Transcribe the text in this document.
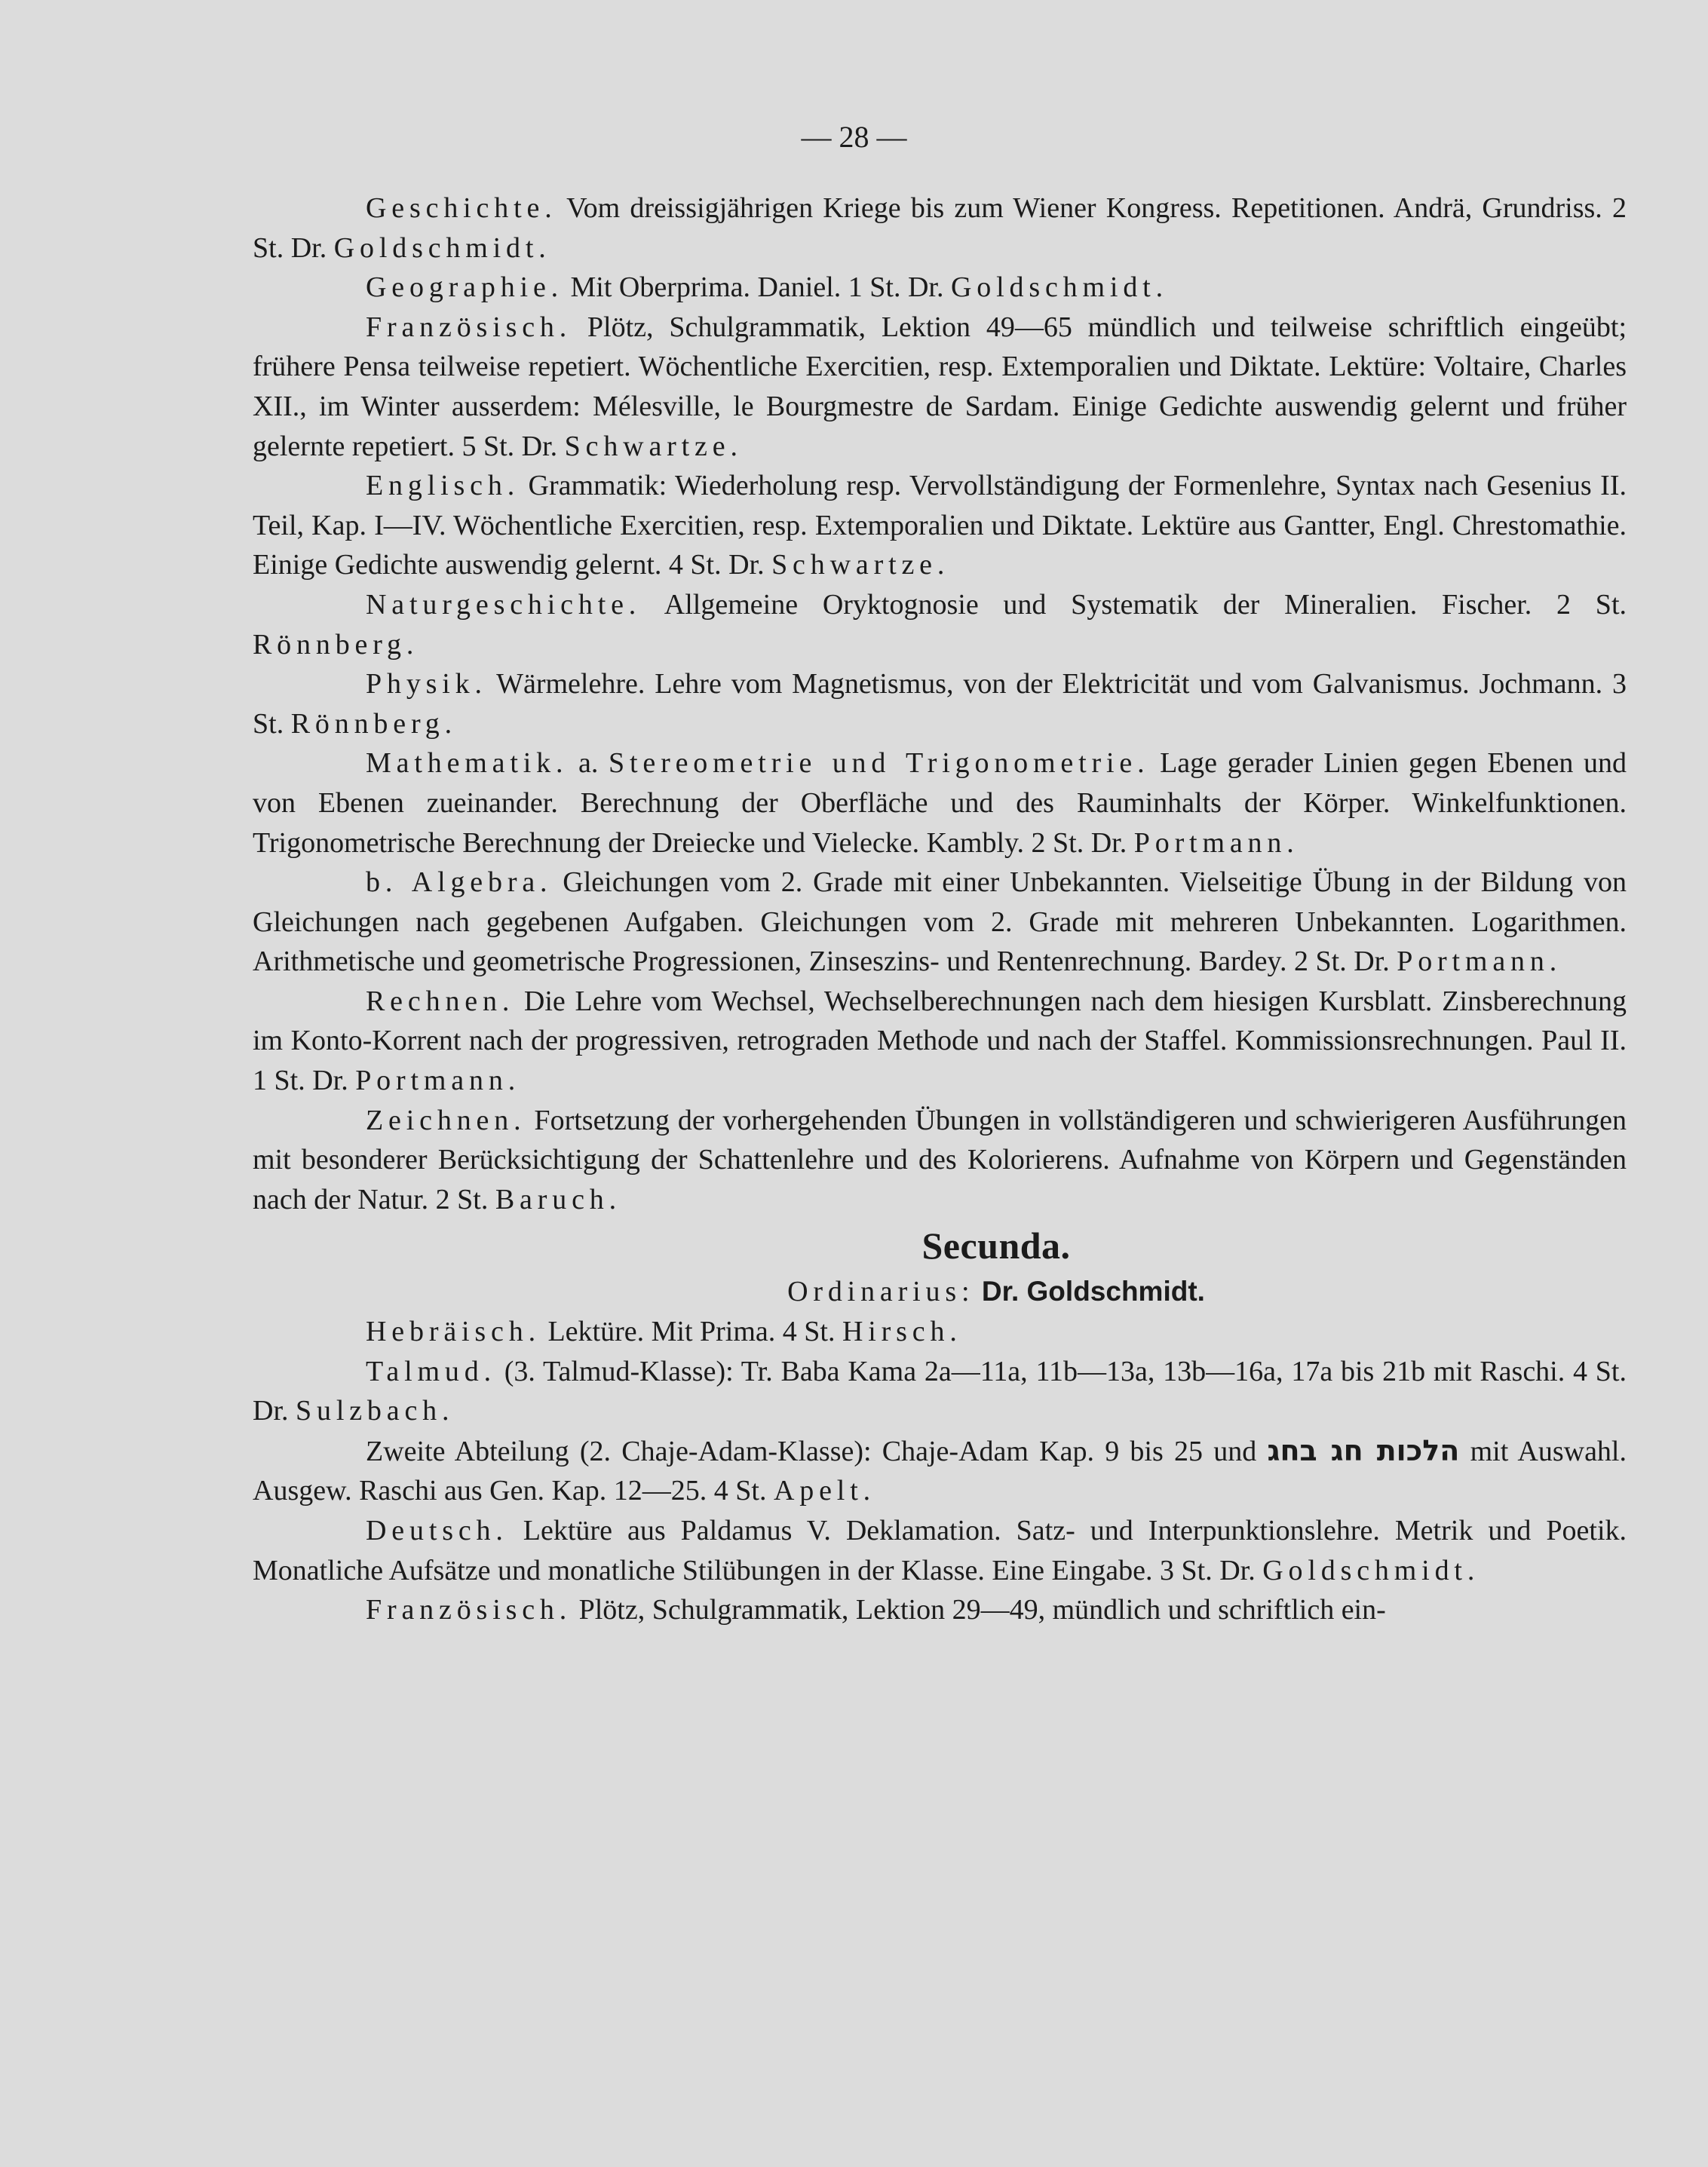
— 28 —

Geschichte. Vom dreissigjährigen Kriege bis zum Wiener Kongress. Repetitionen. Andrä, Grundriss. 2 St. Dr. Goldschmidt.

Geographie. Mit Oberprima. Daniel. 1 St. Dr. Goldschmidt.

Französisch. Plötz, Schulgrammatik, Lektion 49—65 mündlich und teilweise schriftlich eingeübt; frühere Pensa teilweise repetiert. Wöchentliche Exercitien, resp. Extemporalien und Diktate. Lektüre: Voltaire, Charles XII., im Winter ausserdem: Mélesville, le Bourgmestre de Sardam. Einige Gedichte auswendig gelernt und früher gelernte repetiert. 5 St. Dr. Schwartze.

Englisch. Grammatik: Wiederholung resp. Vervollständigung der Formenlehre, Syntax nach Gesenius II. Teil, Kap. I—IV. Wöchentliche Exercitien, resp. Extemporalien und Diktate. Lektüre aus Gantter, Engl. Chrestomathie. Einige Gedichte auswendig gelernt. 4 St. Dr. Schwartze.

Naturgeschichte. Allgemeine Oryktognosie und Systematik der Mineralien. Fischer. 2 St. Rönnberg.

Physik. Wärmelehre. Lehre vom Magnetismus, von der Elektricität und vom Galvanismus. Jochmann. 3 St. Rönnberg.

Mathematik. a. Stereometrie und Trigonometrie. Lage gerader Linien gegen Ebenen und von Ebenen zueinander. Berechnung der Oberfläche und des Rauminhalts der Körper. Winkelfunktionen. Trigonometrische Berechnung der Dreiecke und Vielecke. Kambly. 2 St. Dr. Portmann.

b. Algebra. Gleichungen vom 2. Grade mit einer Unbekannten. Vielseitige Übung in der Bildung von Gleichungen nach gegebenen Aufgaben. Gleichungen vom 2. Grade mit mehreren Unbekannten. Logarithmen. Arithmetische und geometrische Progressionen, Zinseszins- und Rentenrechnung. Bardey. 2 St. Dr. Portmann.

Rechnen. Die Lehre vom Wechsel, Wechselberechnungen nach dem hiesigen Kursblatt. Zinsberechnung im Konto-Korrent nach der progressiven, retrograden Methode und nach der Staffel. Kommissionsrechnungen. Paul II. 1 St. Dr. Portmann.

Zeichnen. Fortsetzung der vorhergehenden Übungen in vollständigeren und schwierigeren Ausführungen mit besonderer Berücksichtigung der Schattenlehre und des Kolorierens. Aufnahme von Körpern und Gegenständen nach der Natur. 2 St. Baruch.

Secunda.

Ordinarius: Dr. Goldschmidt.

Hebräisch. Lektüre. Mit Prima. 4 St. Hirsch.

Talmud. (3. Talmud-Klasse): Tr. Baba Kama 2a—11a, 11b—13a, 13b—16a, 17a bis 21b mit Raschi. 4 St. Dr. Sulzbach.

Zweite Abteilung (2. Chaje-Adam-Klasse): Chaje-Adam Kap. 9 bis 25 und הלכות חג בחג mit Auswahl. Ausgew. Raschi aus Gen. Kap. 12—25. 4 St. Apelt.

Deutsch. Lektüre aus Paldamus V. Deklamation. Satz- und Interpunktionslehre. Metrik und Poetik. Monatliche Aufsätze und monatliche Stilübungen in der Klasse. Eine Eingabe. 3 St. Dr. Goldschmidt.

Französisch. Plötz, Schulgrammatik, Lektion 29—49, mündlich und schriftlich ein-
